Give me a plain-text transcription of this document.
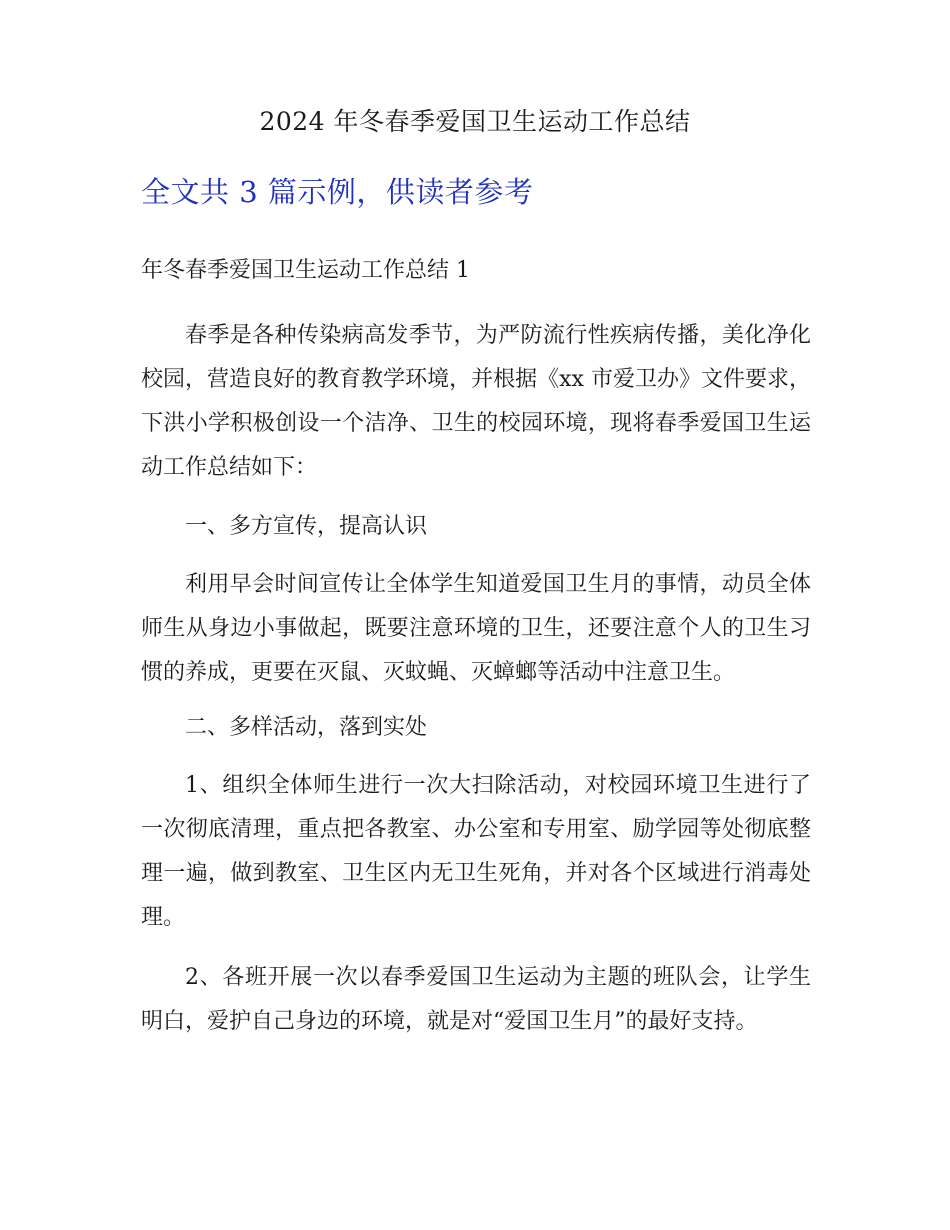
2024 年冬春季爱国卫生运动工作总结
全文共 3 篇示例，供读者参考
年冬春季爱国卫生运动工作总结 1
春季是各种传染病高发季节，为严防流行性疾病传播，美化净化校园，营造良好的教育教学环境，并根据《xx 市爱卫办》文件要求，下洪小学积极创设一个洁净、卫生的校园环境，现将春季爱国卫生运动工作总结如下：
一、多方宣传，提高认识
利用早会时间宣传让全体学生知道爱国卫生月的事情，动员全体师生从身边小事做起，既要注意环境的卫生，还要注意个人的卫生习惯的养成，更要在灭鼠、灭蚊蝇、灭蟑螂等活动中注意卫生。
二、多样活动，落到实处
1、组织全体师生进行一次大扫除活动，对校园环境卫生进行了一次彻底清理，重点把各教室、办公室和专用室、励学园等处彻底整理一遍，做到教室、卫生区内无卫生死角，并对各个区域进行消毒处理。
2、各班开展一次以春季爱国卫生运动为主题的班队会，让学生明白，爱护自己身边的环境，就是对“爱国卫生月”的最好支持。
